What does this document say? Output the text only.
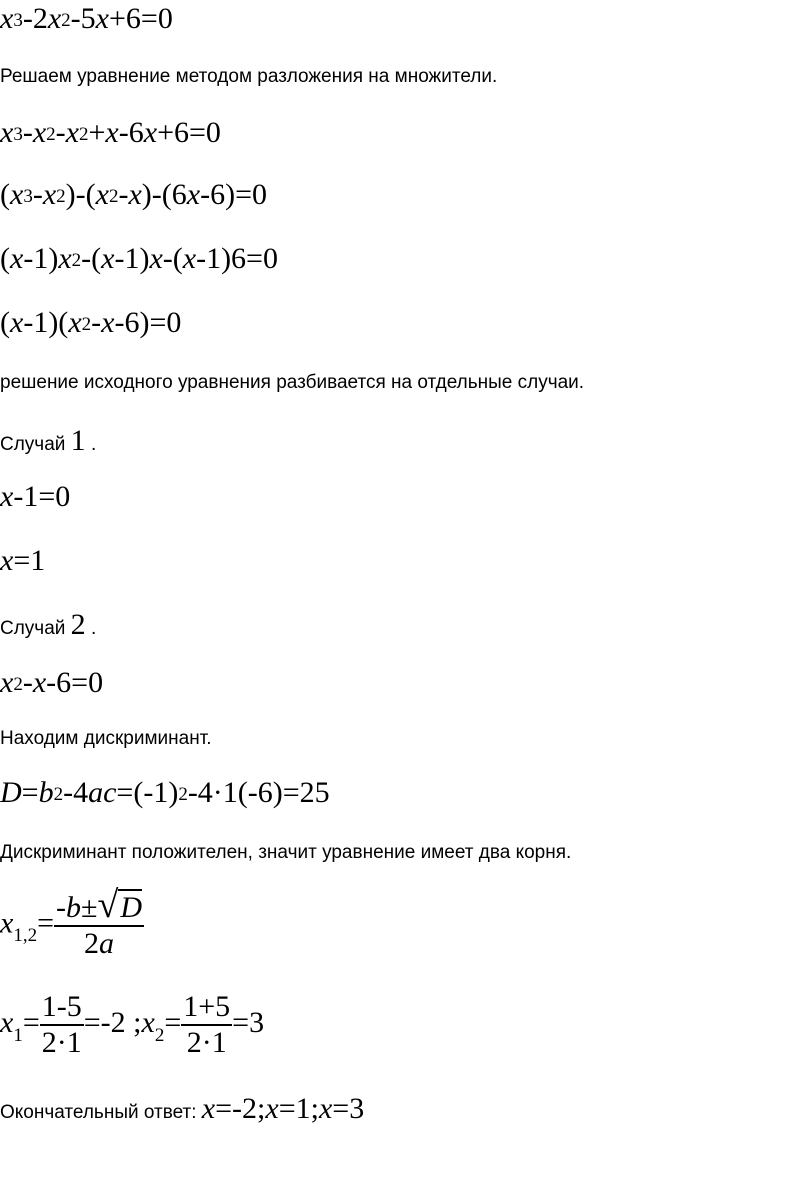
x3-2x2-5x+6=0
Решаем уравнение методом разложения на множители.
x3-x2-x2+x-6x+6=0
(x3-x2)-(x2-x)-(6x-6)=0
(x-1)x2-(x-1)x-(x-1)6=0
(x-1)(x2-x-6)=0
решение исходного уравнения разбивается на отдельные случаи.
Случай 1 .
x-1=0
x=1
Случай 2 .
x2-x-6=0
Находим дискриминант.
D=b2-4ac=(-1)2-4·1(-6)=25
Дискриминант положителен, значит уравнение имеет два корня.
$x_{1,2}= \frac{-b\pm√D}{2a}$
$x_1= \frac{1-5}{2\cdot 1} =-2$ $;x_2= \frac{1+5}{2\cdot 1} =3$
Окончательный ответ: x=-2;x=1;x=3
